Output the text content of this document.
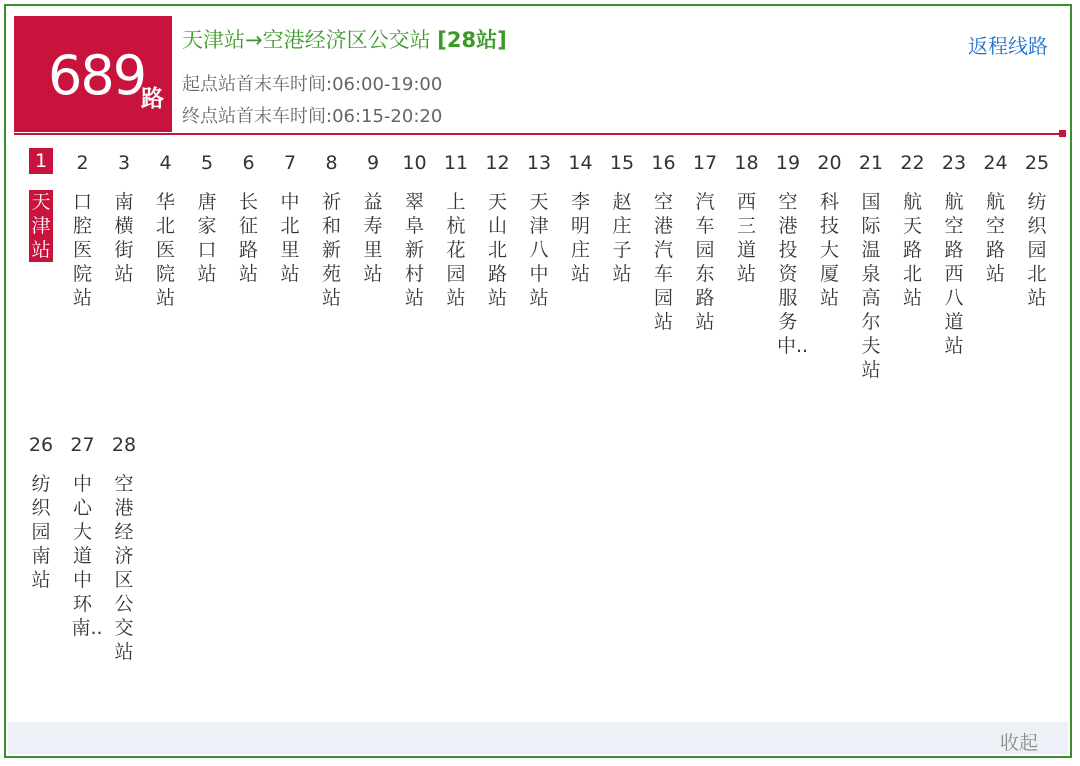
689
路
天津站→空港经济区公交站 [28站]
起点站首末车时间:06:00-19:00
终点站首末车时间:06:15-20:20
返程线路
1
天津站
2
口腔医院站
3
南横街站
4
华北医院站
5
唐家口站
6
长征路站
7
中北里站
8
祈和新苑站
9
益寿里站
10
翠阜新村站
11
上杭花园站
12
天山北路站
13
天津八中站
14
李明庄站
15
赵庄子站
16
空港汽车园站
17
汽车园东路站
18
西三道站
19
空港投资服务中..
20
科技大厦站
21
国际温泉高尔夫站
22
航天路北站
23
航空路西八道站
24
航空路站
25
纺织园北站
26
纺织园南站
27
中心大道中环南..
28
空港经济区公交站
收起
